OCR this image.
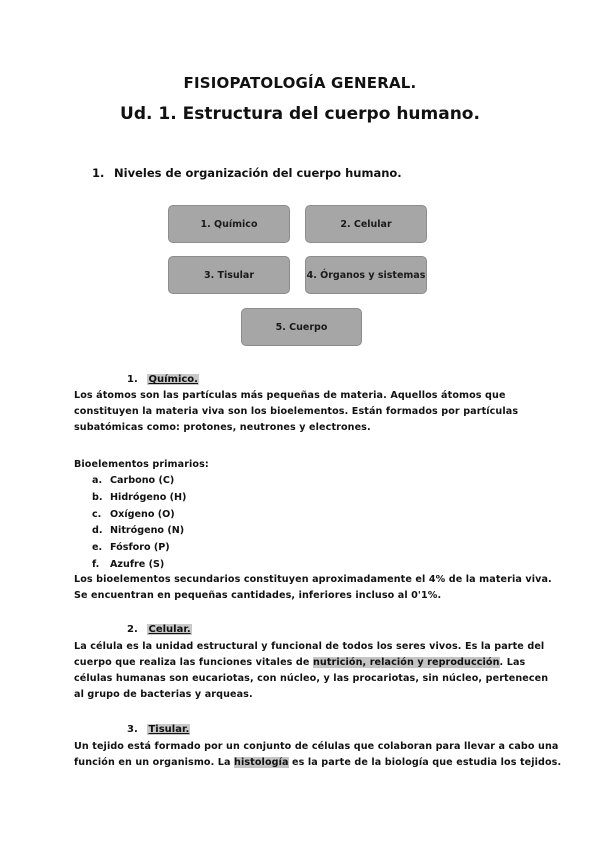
FISIOPATOLOGÍA GENERAL.
Ud. 1. Estructura del cuerpo humano.
1. Niveles de organización del cuerpo humano.
1. Químico	2. Celular
3. Tisular	4. Órganos y sistemas
5. Cuerpo
1. Químico.
Los átomos son las partículas más pequeñas de materia. Aquellos átomos que
constituyen la materia viva son los bioelementos. Están formados por partículas
subatómicas como: protones, neutrones y electrones.
Bioelementos primarios:
a. Carbono (C)
b. Hidrógeno (H)
c. Oxígeno (O)
d. Nitrógeno (N)
e. Fósforo (P)
f. Azufre (S)
Los bioelementos secundarios constituyen aproximadamente el 4% de la materia viva.
Se encuentran en pequeñas cantidades, inferiores incluso al 0'1%.
2. Celular.
La célula es la unidad estructural y funcional de todos los seres vivos. Es la parte del
cuerpo que realiza las funciones vitales de nutrición, relación y reproducción. Las
células humanas son eucariotas, con núcleo, y las procariotas, sin núcleo, pertenecen
al grupo de bacterias y arqueas.
3. Tisular.
Un tejido está formado por un conjunto de células que colaboran para llevar a cabo una
función en un organismo. La histología es la parte de la biología que estudia los tejidos.
